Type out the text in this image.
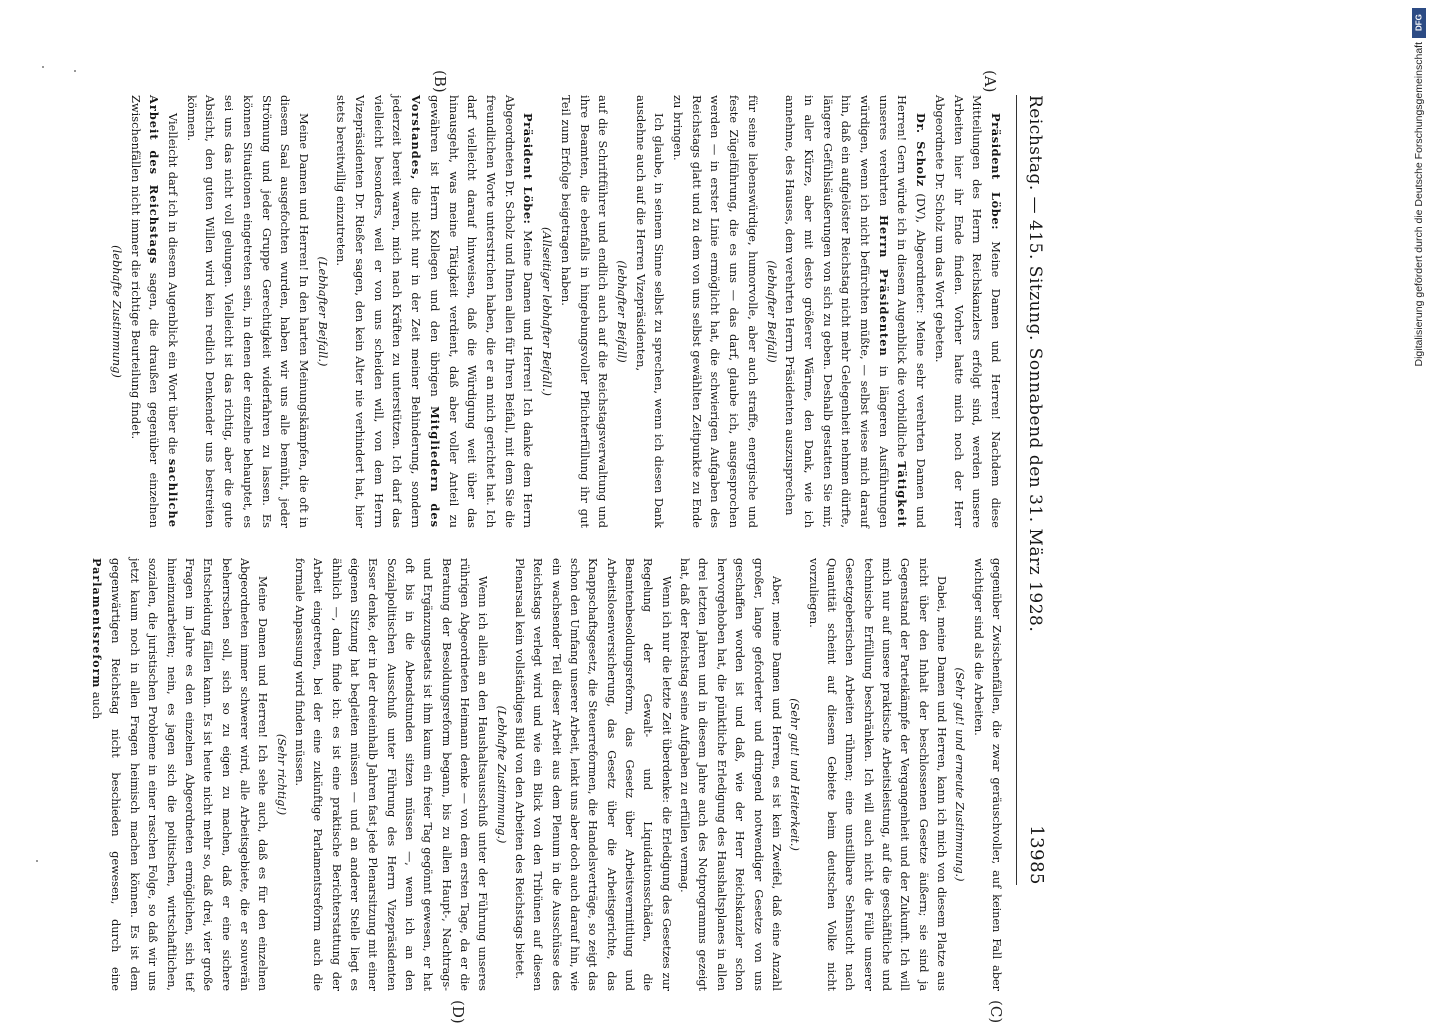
Reichstag. — 415. Sitzung.
Sonnabend den 31. März 1928.
13985
(A)
(B)
(C)
(D)

Präsident Löbe: Meine Damen und Herren! Nachdem diese Mitteilungen des Herrn Reichskanzlers erfolgt sind, werden unsere Arbeiten hier ihr Ende finden. Vorher hatte mich noch der Herr Abgeordnete Dr. Scholz um das Wort gebeten.

Dr. Scholz (DV), Abgeordneter: Meine sehr verehrten Damen und Herren! Gern würde ich in diesem Augenblick die vorbildliche Tätigkeit unseres verehrten Herrn Präsidenten in längeren Ausführungen würdigen, wenn ich nicht befürchten müßte, — selbst wiese mich darauf hin, daß ein aufgelöster Reichstag nicht mehr Gelegenheit nehmen dürfte, längere Gefühlsäußerungen von sich zu geben. Deshalb gestatten Sie mir, in aller Kürze, aber mit desto größerer Wärme, den Dank, wie ich annehme, des Hauses, dem verehrten Herrn Präsidenten auszusprechen

(lebhafter Beifall)

für seine liebenswürdige, humorvolle, aber auch straffe, energische und feste Zügelführung, die es uns — das darf, glaube ich, ausgesprochen werden — in erster Linie ermöglicht hat, die schwierigen Aufgaben des Reichstags glatt und zu dem von uns selbst gewählten Zeitpunkte zu Ende zu bringen.

Ich glaube, in seinem Sinne selbst zu sprechen, wenn ich diesen Dank ausdehne auch auf die Herren Vizepräsidenten,

(lebhafter Beifall)

auf die Schriftführer und endlich auch auf die Reichstagsverwaltung und ihre Beamten, die ebenfalls in hingebungsvoller Pflichterfüllung ihr gut Teil zum Erfolge beigetragen haben.

(Allseitiger lebhafter Beifall.)

Präsident Löbe: Meine Damen und Herren! Ich danke dem Herrn Abgeordneten Dr. Scholz und Ihnen allen für Ihren Beifall, mit dem Sie die freundlichen Worte unterstrichen haben, die er an mich gerichtet hat. Ich darf vielleicht darauf hinweisen, daß die Würdigung weit über das hinausgeht, was meine Tätigkeit verdient, daß aber voller Anteil zu gewähren ist Herrn Kollegen und den übrigen Mitgliedern des Vorstandes, die nicht nur in der Zeit meiner Behinderung, sondern jederzeit bereit waren, mich nach Kräften zu unterstützen. Ich darf das vielleicht besonders, weil er von uns scheiden will, von dem Herrn Vizepräsidenten Dr. Rießer sagen, den kein Alter nie verhindert hat, hier stets bereitwillig einzutreten.

(Lebhafter Beifall.)

Meine Damen und Herren! In den harten Meinungskämpfen, die oft in diesem Saal ausgefochten wurden, haben wir uns alle bemüht, jeder Strömung und jeder Gruppe Gerechtigkeit widerfahren zu lassen. Es können Situationen eingetreten sein, in denen der einzelne behauptet, es sei uns das nicht voll gelungen. Vielleicht ist das richtig, aber die gute Absicht, den guten Willen wird kein redlich Denkender uns bestreiten können.

Vielleicht darf ich in diesem Augenblick ein Wort über die sachliche Arbeit des Reichstags sagen, die draußen gegenüber einzelnen Zwischenfällen nicht immer die richtige Beurteilung findet.

(lebhafte Zustimmung)

gegenüber Zwischenfällen, die zwar geräuschvoller, auf keinen Fall aber wichtiger sind als die Arbeiten.

(Sehr gut! und erneute Zustimmung.)

Dabei, meine Damen und Herren, kann ich mich von diesem Platze aus nicht über den Inhalt der beschlossenen Gesetze äußern; sie sind ja Gegenstand der Parteikämpfe der Vergangenheit und der Zukunft. Ich will mich nur auf unsere praktische Arbeitsleistung, auf die geschäftliche und technische Erfüllung beschränken. Ich will auch nicht die Fülle unserer Gesetzgeberischen Arbeiten rühmen; eine unstillbare Sehnsucht nach Quantität scheint auf diesem Gebiete beim deutschen Volke nicht vorzuliegen.

(Sehr gut! und Heiterkeit.)

Aber, meine Damen und Herren, es ist kein Zweifel, daß eine Anzahl großer, lange geforderter und dringend notwendiger Gesetze von uns geschaffen worden ist und daß, wie der Herr Reichskanzler schon hervorgehoben hat, die pünktliche Erledigung des Haushaltsplanes in allen drei letzten Jahren und in diesem Jahre auch des Notprogramms gezeigt hat, daß der Reichstag seine Aufgaben zu erfüllen vermag.

Wenn ich nur die letzte Zeit überdenke: die Erledigung des Gesetzes zur Regelung der Gewalt- und Liquidationsschäden, die Beamtenbesoldungsreform, das Gesetz über Arbeitsvermittlung und Arbeitslosenversicherung, das Gesetz über die Arbeitsgerichte, das Knappschaftsgesetz, die Steuerreformen, die Handelsverträge, so zeigt das schon den Umfang unserer Arbeit, lenkt uns aber doch auch darauf hin, wie ein wachsender Teil dieser Arbeit aus dem Plenum in die Ausschüsse des Reichstags verlegt wird und wie ein Blick von den Tribünen auf diesen Plenarsaal kein vollständiges Bild von den Arbeiten des Reichstags bietet.

(Lebhafte Zustimmung.)

Wenn ich allein an den Haushaltsausschuß unter der Führung unseres rührigen Abgeordneten Heimann denke — von dem ersten Tage, da er die Beratung der Besoldungsreform begann, bis zu allen Haupt-, Nachtrags- und Ergänzungsetats ist ihm kaum ein freier Tag gegönnt gewesen, er hat oft bis in die Abendstunden sitzen müssen —, wenn ich an den Sozialpolitischen Ausschuß unter Führung des Herrn Vizepräsidenten Esser denke, der in der dreieinhalb Jahren fast jede Plenarsitzung mit einer eigenen Sitzung hat begleiten müssen — und an anderer Stelle liegt es ähnlich —, dann finde ich: es ist eine praktische Berichterstattung der Arbeit eingetreten, bei der eine zukünftige Parlamentsreform auch die formale Anpassung wird finden müssen.

(Sehr richtig!)

Meine Damen und Herren! Ich sehe auch, daß es für den einzelnen Abgeordneten immer schwerer wird, alle Arbeitsgebiete, die er souverän beherrschen soll, sich so zu eigen zu machen, daß er eine sichere Entscheidung fällen kann. Es ist heute nicht mehr so, daß drei, vier große Fragen im Jahre es den einzelnen Abgeordneten ermöglichen, sich tief hineinzuarbeiten; nein, es jagen sich die politischen, wirtschaftlichen, sozialen, die juristischen Probleme in einer raschen Folge, so daß wir uns jetzt kaum noch in allen Fragen heimisch machen können. Es ist dem gegenwärtigen Reichstag nicht beschieden gewesen, durch eine Parlamentsreform auch

DFG
Digitalisierung gefördert durch die Deutsche Forschungsgemeinschaft
